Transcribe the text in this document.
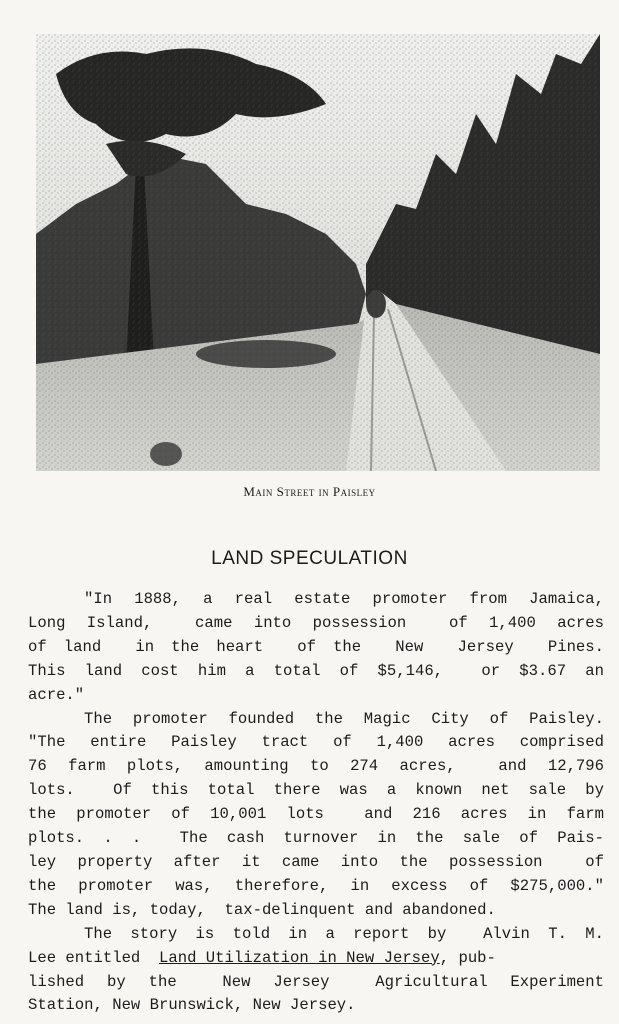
Main Street in Paisley
LAND SPECULATION
"In 1888, a real estate promoter from Jamaica,
Long Island,  came into possession  of 1,400 acres
of land  in the heart  of the  New  Jersey  Pines.
This land cost him a total of $5,146,  or $3.67 an
acre."
The promoter founded the Magic City of Paisley.
"The entire Paisley tract of 1,400 acres comprised
76 farm plots, amounting to 274 acres,  and 12,796
lots.  Of this total there was a known net sale by
the promoter of 10,001 lots  and 216 acres in farm
plots. . .  The cash turnover in the sale of Pais-
ley property after it came into the possession  of
the promoter was, therefore, in excess of $275,000."
The land is, today,  tax-delinquent and abandoned.
The story is told in a report by  Alvin T. M.
Lee entitled  Land Utilization in New Jersey, pub-
lished by the  New Jersey  Agricultural Experiment
Station, New Brunswick, New Jersey.
